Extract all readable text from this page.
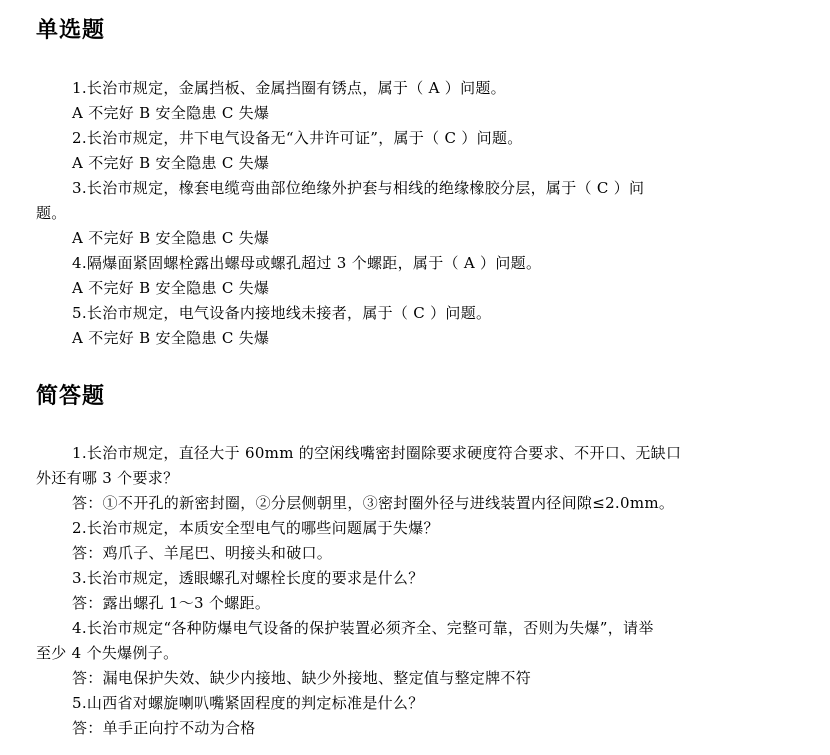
单选题
1.长治市规定，金属挡板、金属挡圈有锈点，属于（ A ）问题。
A 不完好 B 安全隐患 C 失爆
2.长治市规定，井下电气设备无“入井许可证”，属于（ C ）问题。
A 不完好 B 安全隐患 C 失爆
3.长治市规定，橡套电缆弯曲部位绝缘外护套与相线的绝缘橡胶分层，属于（ C ）问
题。
A 不完好 B 安全隐患 C 失爆
4.隔爆面紧固螺栓露出螺母或螺孔超过 3 个螺距，属于（ A ）问题。
A 不完好 B 安全隐患 C 失爆
5.长治市规定，电气设备内接地线未接者，属于（ C ）问题。
A 不完好 B 安全隐患 C 失爆
简答题
1.长治市规定，直径大于 60mm 的空闲线嘴密封圈除要求硬度符合要求、不开口、无缺口
外还有哪 3 个要求？
答：①不开孔的新密封圈，②分层侧朝里，③密封圈外径与进线装置内径间隙≤2.0mm。
2.长治市规定，本质安全型电气的哪些问题属于失爆？
答：鸡爪子、羊尾巴、明接头和破口。
3.长治市规定，透眼螺孔对螺栓长度的要求是什么？
答：露出螺孔 1～3 个螺距。
4.长治市规定“各种防爆电气设备的保护装置必须齐全、完整可靠，否则为失爆”，请举
至少 4 个失爆例子。
答：漏电保护失效、缺少内接地、缺少外接地、整定值与整定牌不符
5.山西省对螺旋喇叭嘴紧固程度的判定标准是什么？
答：单手正向拧不动为合格
